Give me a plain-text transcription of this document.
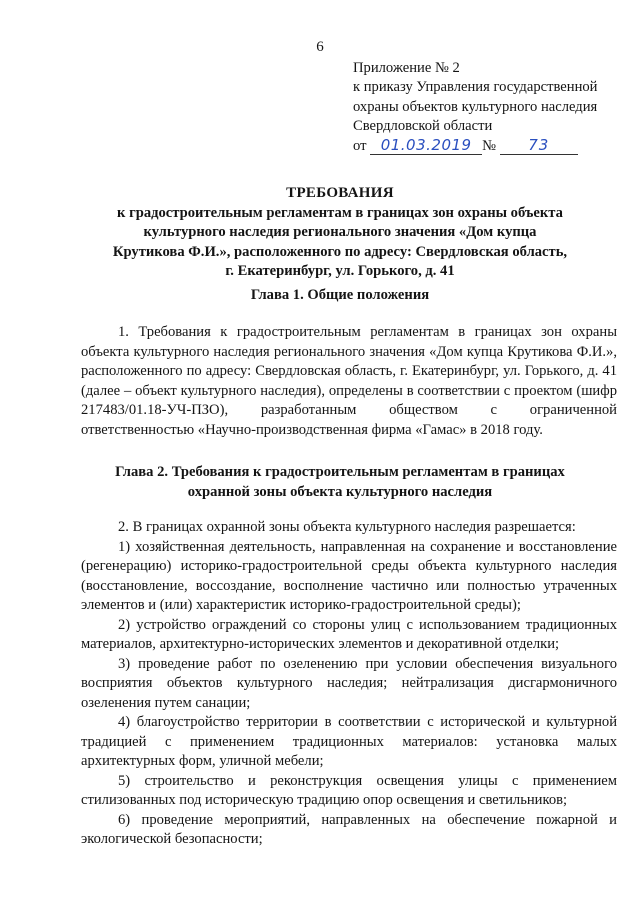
6
Приложение № 2
к приказу Управления государственной
охраны объектов культурного наследия
Свердловской области
от 01.03.2019 № 73
ТРЕБОВАНИЯ
к градостроительным регламентам в границах зон охраны объекта
культурного наследия регионального значения «Дом купца
Крутикова Ф.И.», расположенного по адресу: Свердловская область,
г. Екатеринбург, ул. Горького, д. 41
Глава 1. Общие положения

1. Требования к градостроительным регламентам в границах зон охраны объекта культурного наследия регионального значения «Дом купца Крутикова Ф.И.», расположенного по адресу: Свердловская область, г. Екатеринбург, ул. Горького, д. 41 (далее – объект культурного наследия), определены в соответствии с проектом (шифр 217483/01.18-УЧ-ПЗО), разработанным обществом с ограниченной ответственностью «Научно-производственная фирма «Гамас» в 2018 году.

Глава 2. Требования к градостроительным регламентам в границах
охранной зоны объекта культурного наследия

2. В границах охранной зоны объекта культурного наследия разрешается:

1) хозяйственная деятельность, направленная на сохранение и восстановление (регенерацию) историко-градостроительной среды объекта культурного наследия (восстановление, воссоздание, восполнение частично или полностью утраченных элементов и (или) характеристик историко-градостроительной среды);

2) устройство ограждений со стороны улиц с использованием традиционных материалов, архитектурно-исторических элементов и декоративной отделки;

3) проведение работ по озеленению при условии обеспечения визуального восприятия объектов культурного наследия; нейтрализация дисгармоничного озеленения путем санации;

4) благоустройство территории в соответствии с исторической и культурной традицией с применением традиционных материалов: установка малых архитектурных форм, уличной мебели;

5) строительство и реконструкция освещения улицы с применением стилизованных под историческую традицию опор освещения и светильников;

6) проведение мероприятий, направленных на обеспечение пожарной и экологической безопасности;
